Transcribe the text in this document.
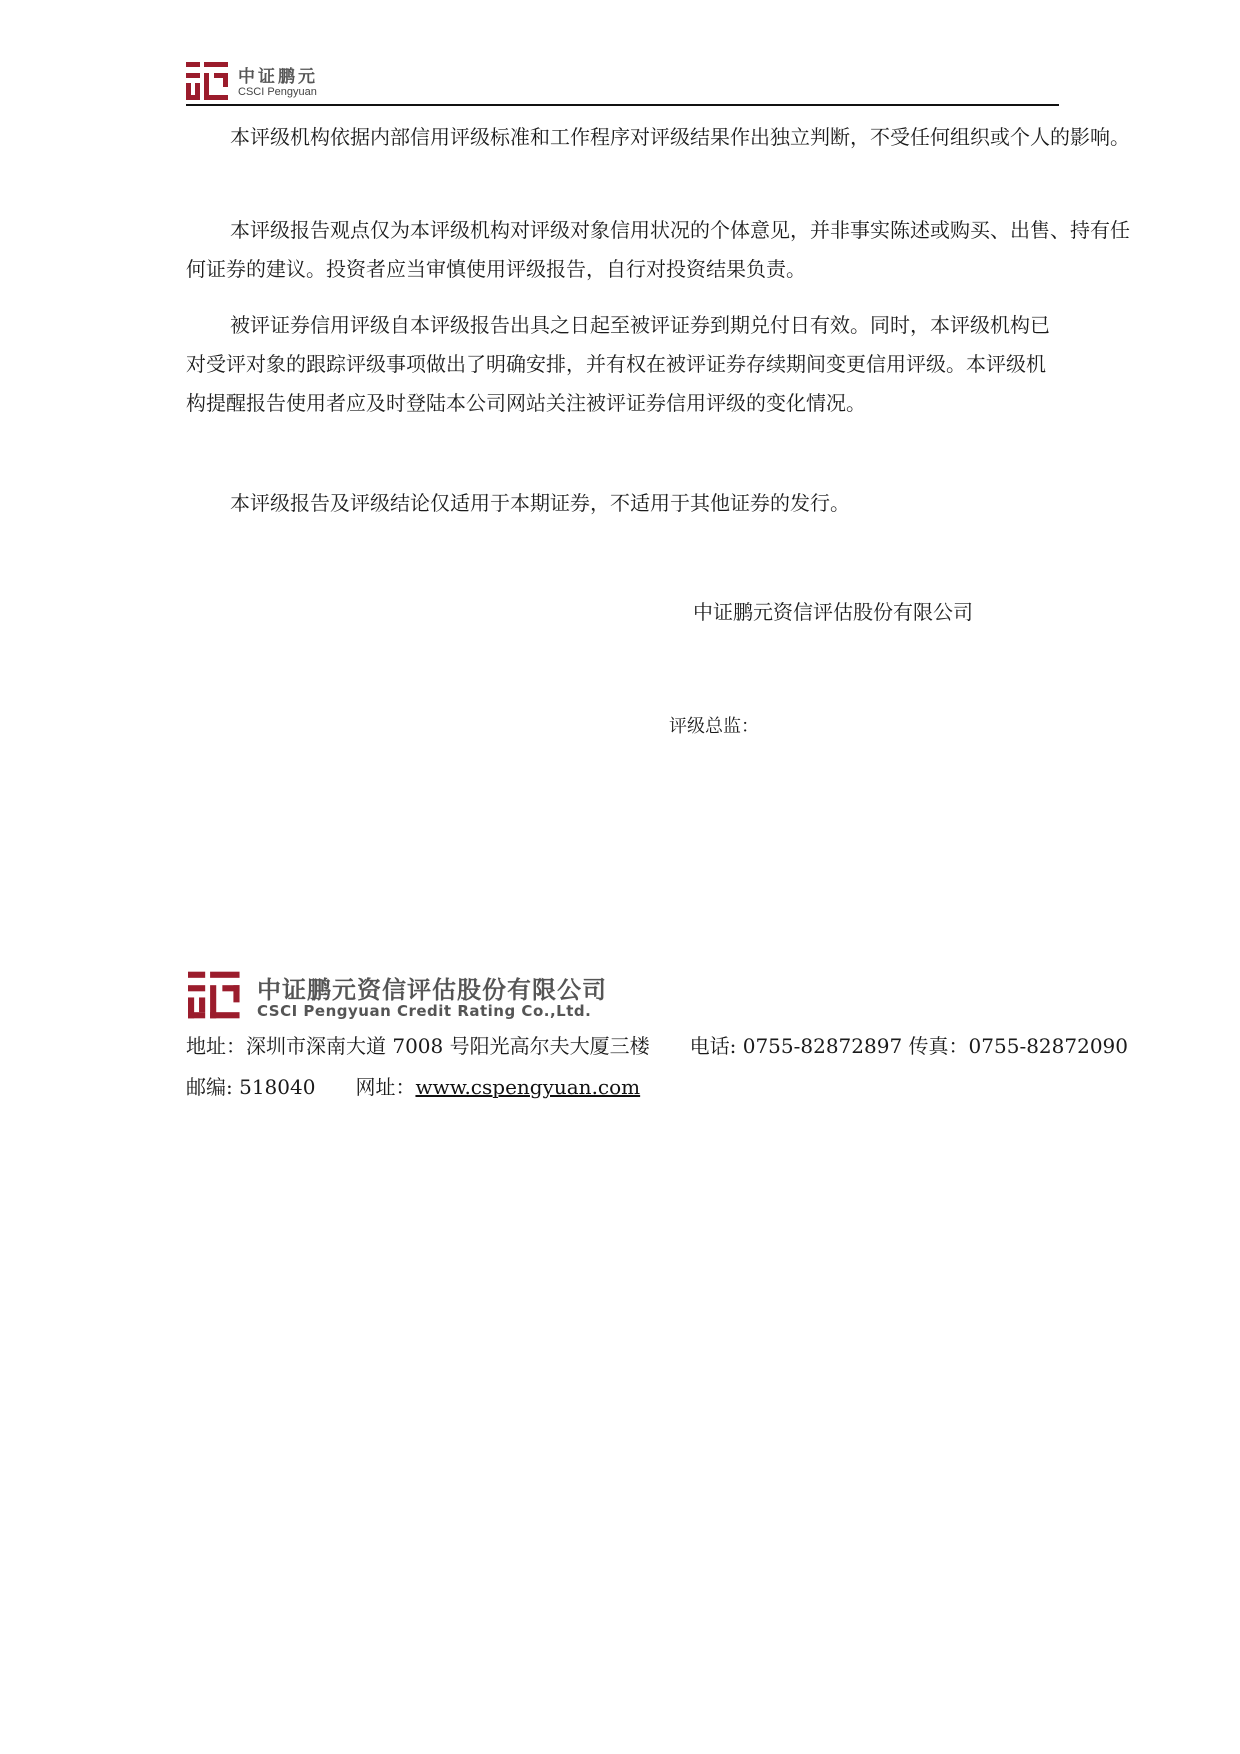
中证鹏元
CSCI Pengyuan

本评级机构依据内部信用评级标准和工作程序对评级结果作出独立判断，不受任何组织或个人的影响。

本评级报告观点仅为本评级机构对评级对象信用状况的个体意见，并非事实陈述或购买、出售、持有任何证券的建议。投资者应当审慎使用评级报告，自行对投资结果负责。

被评证券信用评级自本评级报告出具之日起至被评证券到期兑付日有效。同时，本评级机构已对受评对象的跟踪评级事项做出了明确安排，并有权在被评证券存续期间变更信用评级。本评级机构提醒报告使用者应及时登陆本公司网站关注被评证券信用评级的变化情况。

本评级报告及评级结论仅适用于本期证券，不适用于其他证券的发行。

中证鹏元资信评估股份有限公司
评级总监：
中证鹏元资信评估股份有限公司
CSCI Pengyuan Credit Rating Co.,Ltd.
地址：深圳市深南大道 7008 号阳光高尔夫大厦三楼 电话: 0755-82872897 传真：0755-82872090
邮编: 518040 网址：www.cspengyuan.com
